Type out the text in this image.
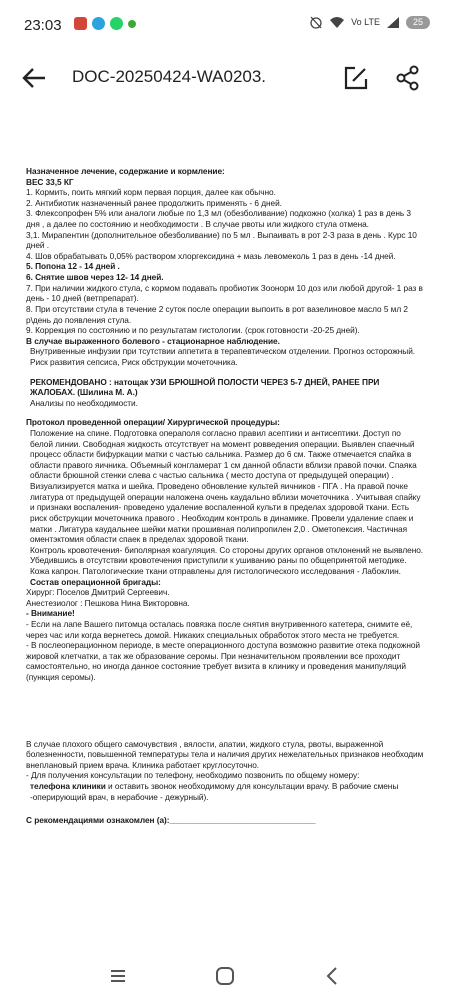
23:03	Vo LTE	25
DOC-20250424-WA0203.

Назначенное лечение, содержание и кормление:

ВЕС 33,5 КГ

1. Кормить, поить мягкий корм первая порция, далее как обычно.

2. Антибиотик назначенный ранее продолжить применять - 6 дней.

3. Флексопрофен 5% или аналоги любые по 1,3 мл (обезболивание) подкожно (холка) 1 раз в день 3 дня , а далее по состоянию и необходимости . В случае рвоты или жидкого стула отмена.

3,1. Мирапентин (дополнительное обезболивание) по 5 мл . Выпаивать в рот 2-3 раза в день . Курс 10 дней .

4. Шов обрабатывать 0,05% раствором хлоргексидина + мазь левомеколь 1 раз в день -14 дней.

5. Попона 12 - 14 дней .

6. Снятие швов через 12- 14 дней.

7. При наличии жидкого стула, с кормом подавать пробиотик Зоонорм 10 доз или любой другой- 1 раз в день - 10 дней (ветпрепарат).

8. При отсутствии стула в течение 2 суток после операции выпоить в рот вазелиновое масло 5 мл 2 р\день до появления стула.

9. Коррекция по состоянию и по результатам гистологии. (срок готовности -20-25 дней).

В случае выраженного болевого - стационарное наблюдение.

Внутривенные инфузии при тсутствии аппетита в терапевтическом отделении. Прогноз осторожный. Риск развития сепсиса, Риск обструкции мочеточника.

РЕКОМЕНДОВАНО : натощак УЗИ БРЮШНОЙ ПОЛОСТИ ЧЕРЕЗ 5-7 ДНЕЙ, РАНЕЕ ПРИ ЖАЛОБАХ. (Шилина М. А.)

Анализы по необходимости.

Протокол проведенной операции/ Хирургической процедуры:

Положение на спине. Подготовка операполя согласно правил асептики и антисептики. Доступ по белой линии. Свободная жидкость отсутствует на момент ровведения операции. Выявлен спаечный процесс области бифуркации матки с частью сальника. Размер до 6 см. Также отмечается спайка в области правого яичника. Объемный конгламерат 1 см данной области вблизи правой почки. Спаяка области брюшной стенки слева с частью сальника ( место доступа от предыдущей операции) . Визуализируется матка и шейка. Проведено обновление культей яичников - ПГА . На правой почке лигатура от предыдущей операции наложена очень каудально вблизи мочеточника . Учитывая спайку и признаки воспаления- проведено удаление воспаленной культи в пределах здоровой ткани. Есть риск обструкции мочеточника правого . Необходим контроль в динамике. Провели удаление спаек и матки . Лигатура каудальнее шейки матки прошивная полипропилен 2,0 . Ометопексия. Частичная оментэктомия области спаек в пределах здоровой ткани.

Контроль кровотечения- биполярная коагуляция. Со стороны других органов отклонений не выявлено. Убедившись в отсутствии кровотечения приступили к ушиванию раны по общепринятой методике. Кожа капрон. Патологические ткани отправлены для гистологического исследования - Лабоклин.

Состав операционной бригады:

Хирург: Поселов Дмитрий Сергеевич.

Анестезиолог : Пешкова Нина Викторовна.

- Внимание!

- Если на лапе Вашего питомца осталась повязка после снятия внутривенного катетера, снимите её, через час или когда вернетесь домой. Никаких специальных обработок этого места не требуется.

- В послеоперационном периоде, в месте операционного доступа возможно развитие отека подкожной жировой клетчатки, а так же образование серомы. При незначительном проявлении все проходит самостоятельно, но иногда данное состояние требует визита в клинику и проведения манипуляций (пункция серомы).

В случае плохого общего самочувствия , вялости, апатии, жидкого стула, рвоты, выраженной болезненности, повышенной температуры тела и наличия других нежелательных признаков необходим внеплановый прием врача. Клиника работает круглосуточно.

- Для получения консультации по телефону, необходимо позвонить по общему номеру:

телефона клиники и оставить звонок необходимому для консультации врачу. В рабочие смены -оперирующий врач, в нерабочие - дежурный).

С рекомендациями ознакомлен (а):________________________________
